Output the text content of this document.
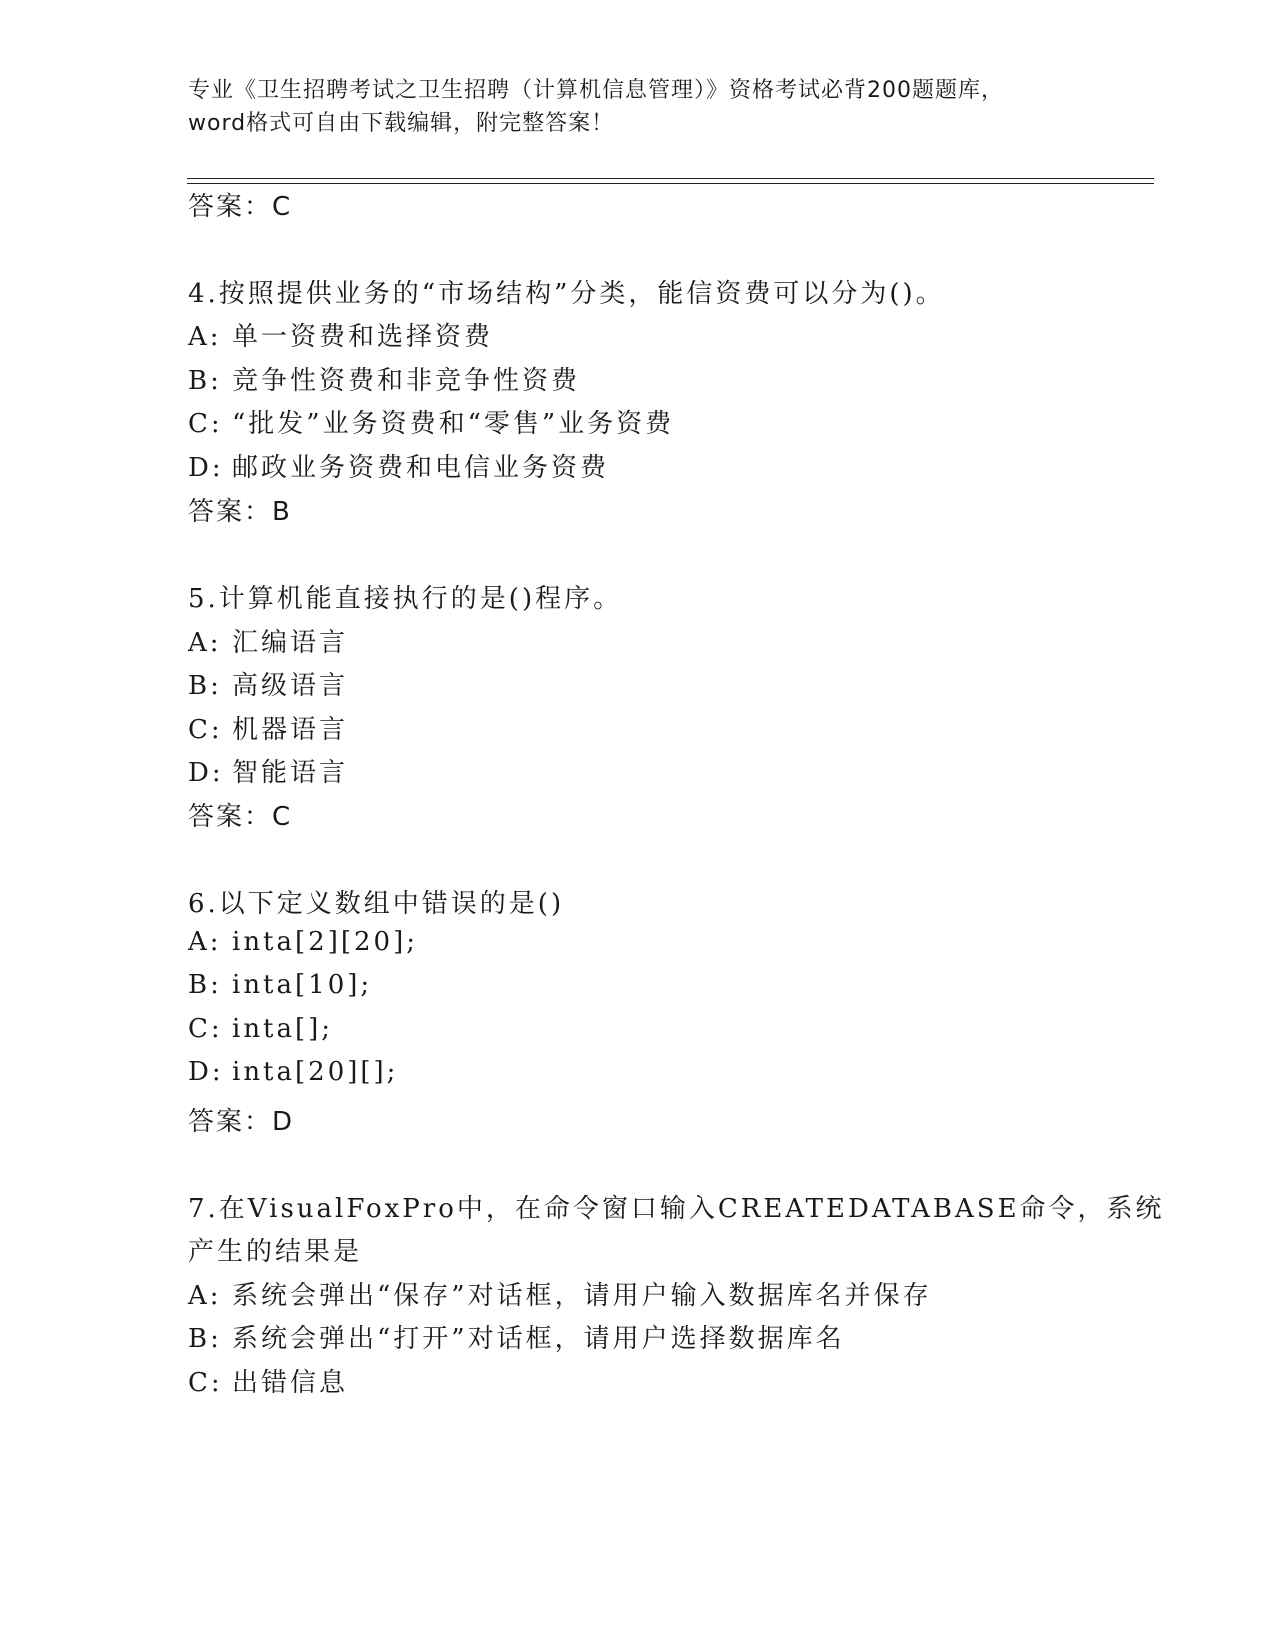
专业《卫生招聘考试之卫生招聘（计算机信息管理）》资格考试必背200题题库，
word格式可自由下载编辑，附完整答案！
答案：C
4.按照提供业务的“市场结构”分类，能信资费可以分为()。
A: 单一资费和选择资费
B: 竞争性资费和非竞争性资费
C: “批发”业务资费和“零售”业务资费
D: 邮政业务资费和电信业务资费
答案：B
5.计算机能直接执行的是()程序。
A: 汇编语言
B: 高级语言
C: 机器语言
D: 智能语言
答案：C
6.以下定义数组中错误的是()
A: inta[2][20];
B: inta[10];
C: inta[];
D: inta[20][];
答案：D
7.在VisualFoxPro中，在命令窗口输入CREATEDATABASE命令，系统
产生的结果是
A: 系统会弹出“保存”对话框，请用户输入数据库名并保存
B: 系统会弹出“打开”对话框，请用户选择数据库名
C: 出错信息
